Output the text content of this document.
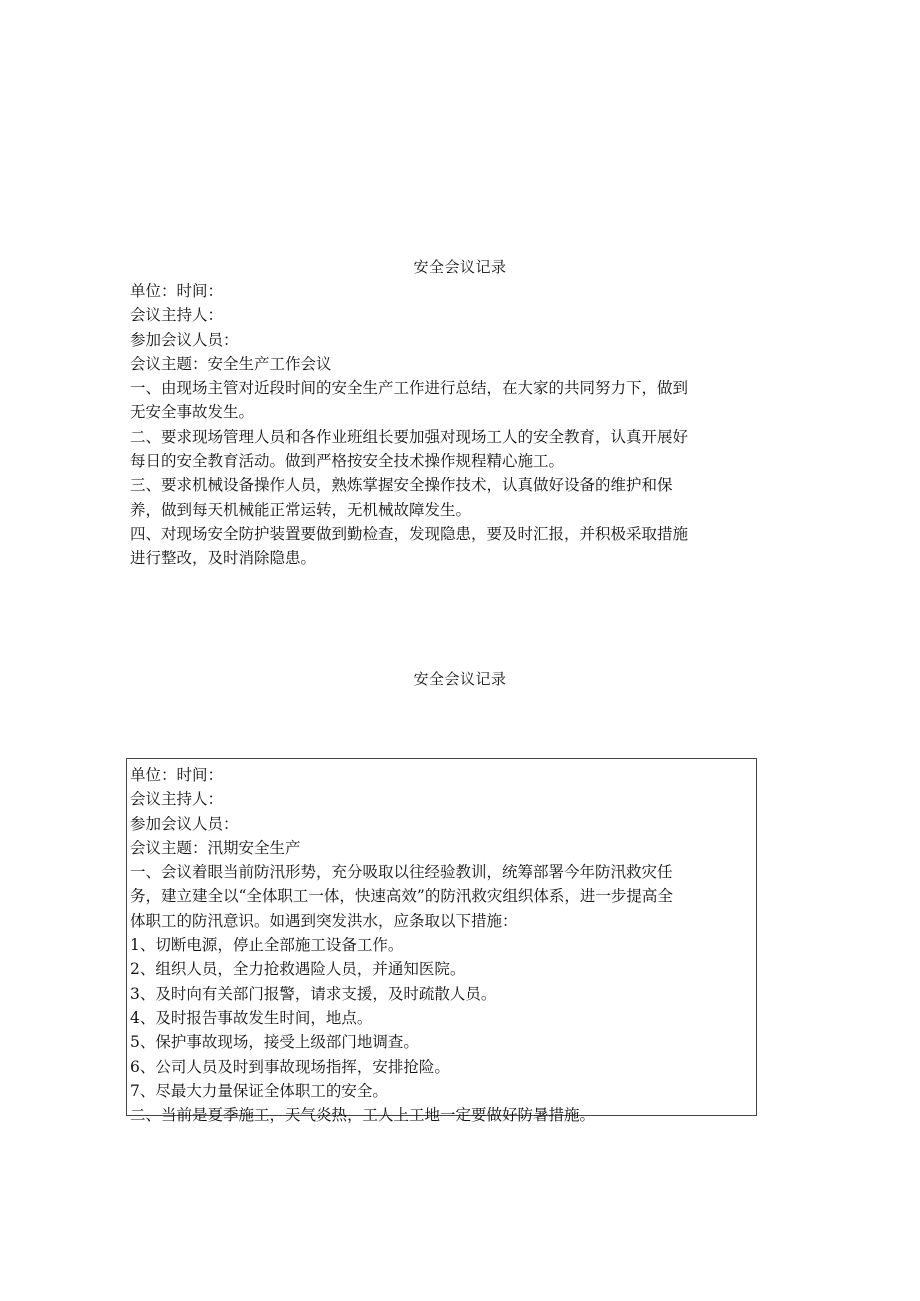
安全会议记录
单位：时间：
会议主持人：
参加会议人员：
会议主题：安全生产工作会议
一、由现场主管对近段时间的安全生产工作进行总结，在大家的共同努力下，做到
无安全事故发生。
二、要求现场管理人员和各作业班组长要加强对现场工人的安全教育，认真开展好
每日的安全教育活动。做到严格按安全技术操作规程精心施工。
三、要求机械设备操作人员，熟炼掌握安全操作技术，认真做好设备的维护和保
养，做到每天机械能正常运转，无机械故障发生。
四、对现场安全防护装置要做到勤检查，发现隐患，要及时汇报，并积极采取措施
进行整改，及时消除隐患。
安全会议记录
单位：时间：
会议主持人：
参加会议人员：
会议主题：汛期安全生产
一、会议着眼当前防汛形势，充分吸取以往经验教训，统筹部署今年防汛救灾任
务，建立建全以“全体职工一体，快速高效”的防汛救灾组织体系，进一步提高全
体职工的防汛意识。如遇到突发洪水，应条取以下措施：
1、切断电源，停止全部施工设备工作。
2、组织人员，全力抢救遇险人员，并通知医院。
3、及时向有关部门报警，请求支援，及时疏散人员。
4、及时报告事故发生时间，地点。
5、保护事故现场，接受上级部门地调查。
6、公司人员及时到事故现场指挥，安排抢险。
7、尽最大力量保证全体职工的安全。
二、当前是夏季施工，天气炎热，工人上工地一定要做好防暑措施。
